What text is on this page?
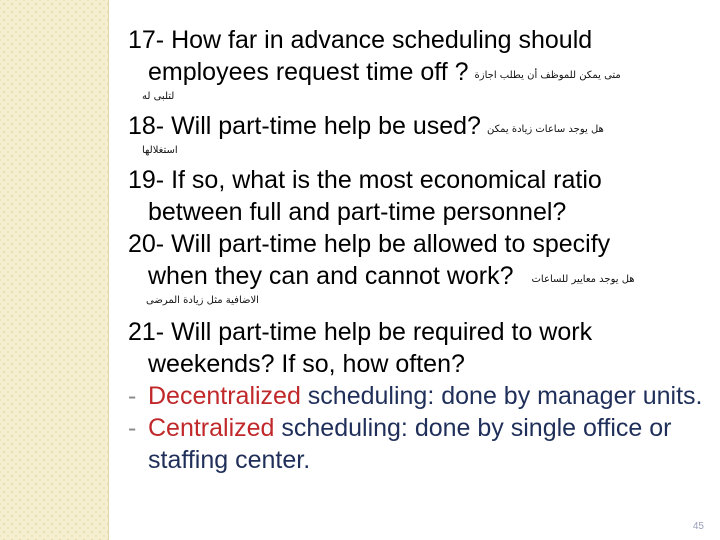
17- How far in advance scheduling should
employees request time off ? متى يمكن للموظف أن يطلب اجازة
لتلبى له
18- Will part-time help be used? هل يوجد ساعات زيادة يمكن
استغلالها
19- If so, what is the most economical ratio
between full and part-time personnel?
20- Will part-time help be allowed to specify
when they can and cannot work? هل يوجد معايير للساعات
الاضافية مثل زيادة المرضى
21- Will part-time help be required to work
weekends? If so, how often?
- Decentralized scheduling: done by manager units.
- Centralized scheduling: done by single office or staffing center.
45
